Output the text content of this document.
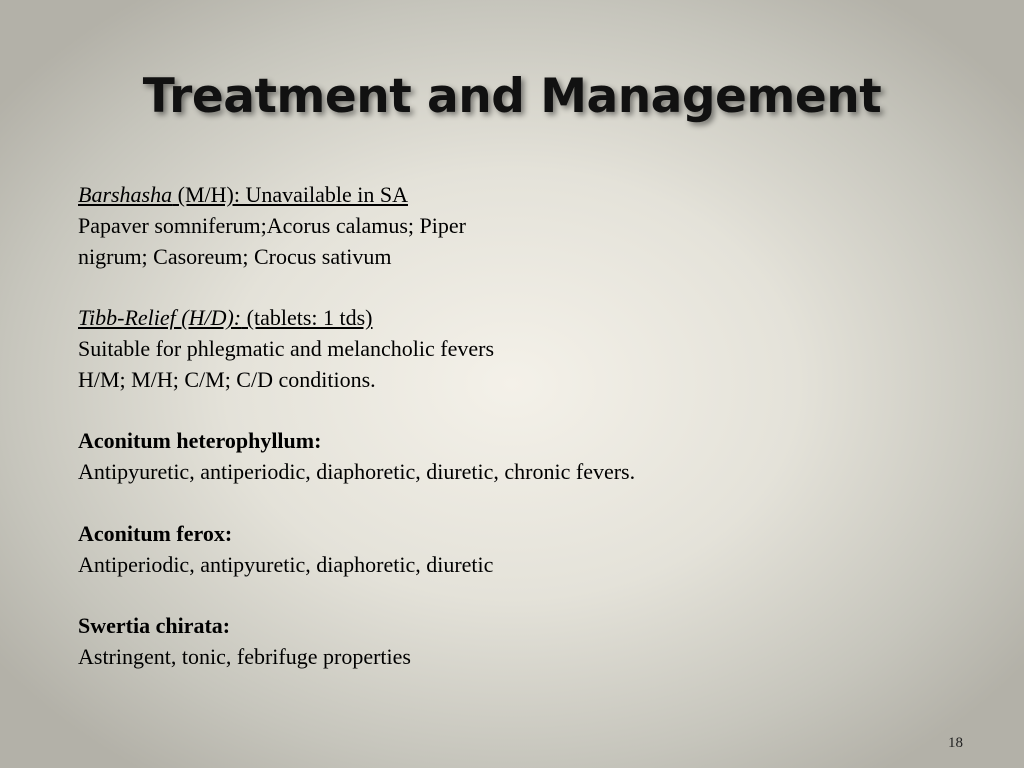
Treatment and Management
Barshasha (M/H): Unavailable in SA
Papaver somniferum;Acorus calamus; Piper
nigrum; Casoreum; Crocus sativum
Tibb-Relief (H/D): (tablets: 1 tds)
Suitable for phlegmatic and melancholic fevers
H/M; M/H; C/M; C/D conditions.
Aconitum heterophyllum:
Antipyuretic, antiperiodic, diaphoretic, diuretic, chronic fevers.
Aconitum ferox:
Antiperiodic, antipyuretic, diaphoretic, diuretic
Swertia chirata:
Astringent, tonic, febrifuge properties
18
